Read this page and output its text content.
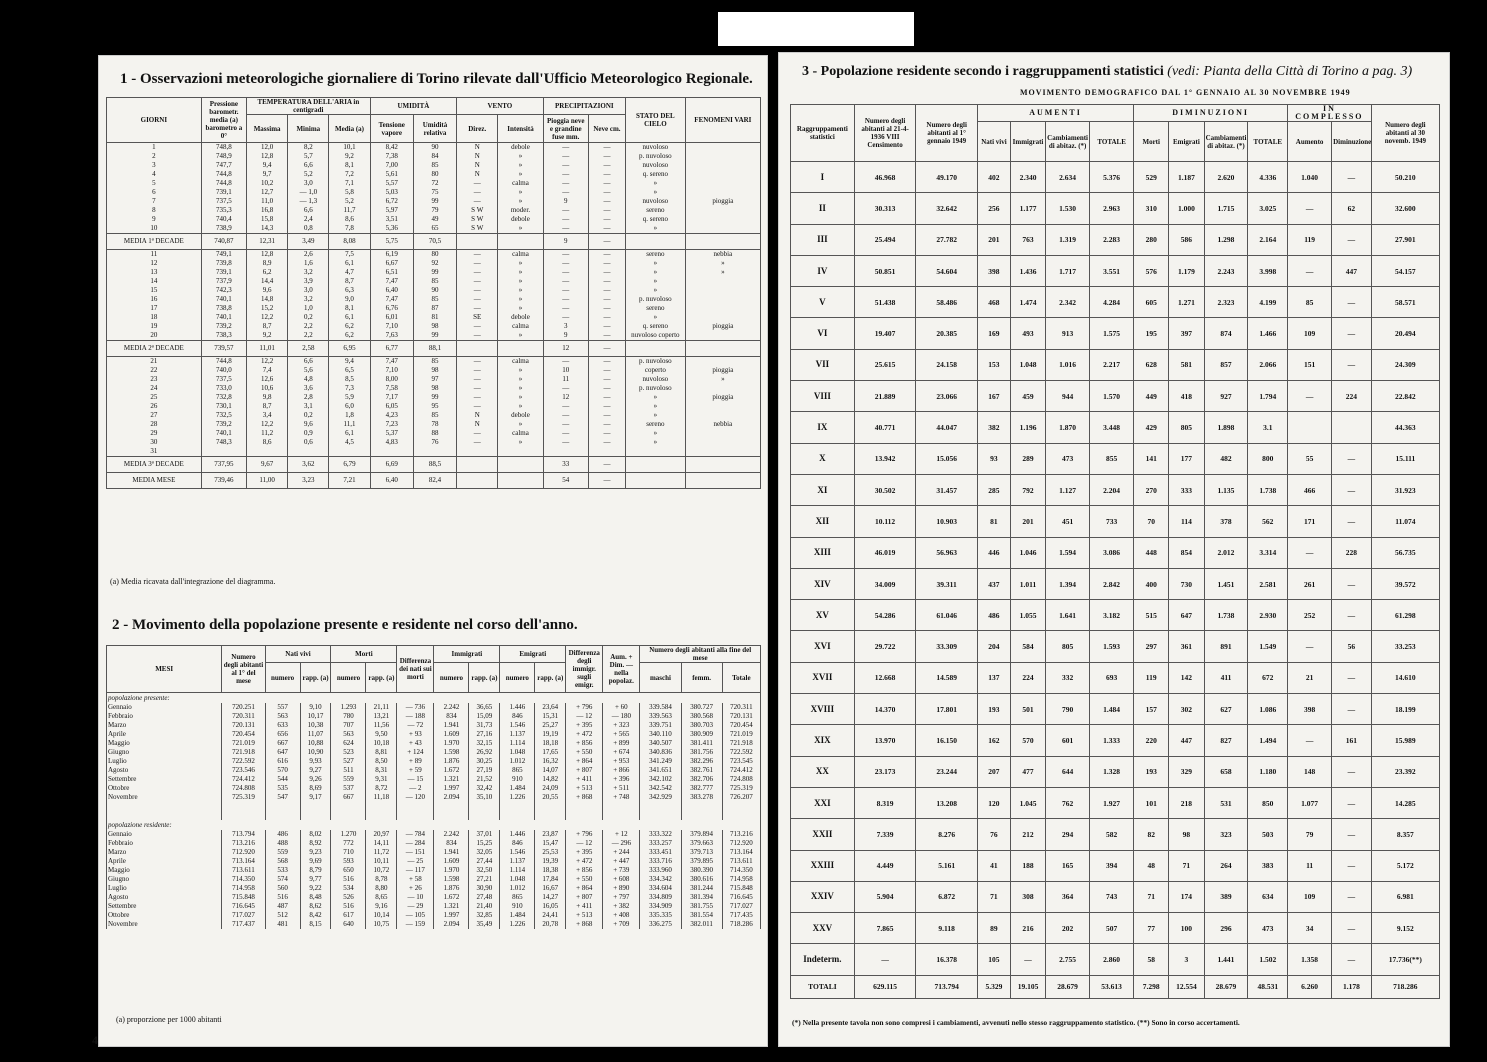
1 - Osservazioni meteorologiche giornaliere di Torino rilevate dall'Ufficio Meteorologico Regionale.
GIORNI	Pressione barometr. media (a) barometro a 0°	TEMPERATURA DELL'ARIA in centigradi			UMIDITÀ		VENTO		PRECIPITAZIONI		STATO DEL CIELO	FENOMENI VARI
		Massima	Minima	Media (a)	Tensione vapore	Umidità relativa	Direz.	Intensità	Pioggia neve e grandine fuse mm.	Neve cm.		
1	748,8	12,0	8,2	10,1	8,42	90	N	debole	—	—	nuvoloso	
2	748,9	12,8	5,7	9,2	7,38	84	N	»	—	—	p. nuvoloso	
3	747,7	9,4	6,6	8,1	7,00	85	N	»	—	—	nuvoloso	
4	744,8	9,7	5,2	7,2	5,61	80	N	»	—	—	q. sereno	
5	744,8	10,2	3,0	7,1	5,57	72	—	calma	—	—	»	
6	739,1	12,7	— 1,0	5,8	5,03	75	—	»	—	—	»	
7	737,5	11,0	— 1,3	5,2	6,72	99	—	»	9	—	nuvoloso	pioggia
8	735,3	16,8	6,6	11,7	5,97	79	S W	moder.	—	—	sereno	
9	740,4	15,8	2,4	8,6	3,51	49	S W	debole	—	—	q. sereno	
10	738,9	14,3	0,8	7,8	5,36	65	S W	»	—	—	»	
MEDIA 1ª DECADE	740,87	12,31	3,49	8,08	5,75	70,5			9	—		
11	749,1	12,8	2,6	7,5	6,19	80	—	calma	—	—	sereno	nebbia
12	739,8	8,9	1,6	6,1	6,67	92	—	»	—	—	»	»
13	739,1	6,2	3,2	4,7	6,51	99	—	»	—	—	»	»
14	737,9	14,4	3,9	8,7	7,47	85	—	»	—	—	»	
15	742,3	9,6	3,0	6,3	6,40	90	—	»	—	—	»	
16	740,1	14,8	3,2	9,0	7,47	85	—	»	—	—	p. nuvoloso	
17	738,8	15,2	1,0	8,1	6,76	87	—	»	—	—	sereno	
18	740,1	12,2	0,2	6,1	6,01	81	SE	debole	—	—	»	
19	739,2	8,7	2,2	6,2	7,10	98	—	calma	3	—	q. sereno	pioggia
20	738,3	9,2	2,2	6,2	7,63	99	—	»	9	—	nuvoloso coperto	
MEDIA 2ª DECADE	739,57	11,01	2,58	6,95	6,77	88,1			12	—		
21	744,8	12,2	6,6	9,4	7,47	85	—	calma	—	—	p. nuvoloso	
22	740,0	7,4	5,6	6,5	7,10	98	—	»	10	—	coperto	pioggia
23	737,5	12,6	4,8	8,5	8,00	97	—	»	11	—	nuvoloso	»
24	733,0	10,6	3,6	7,3	7,58	98	—	»	—	—	p. nuvoloso	
25	732,8	9,8	2,8	5,9	7,17	99	—	»	12	—	»	pioggia
26	730,1	8,7	3,1	6,0	6,05	95	—	»	—	—	»	
27	732,5	3,4	0,2	1,8	4,23	85	N	debole	—	—	»	
28	739,2	12,2	9,6	11,1	7,23	78	N	»	—	—	sereno	nebbia
29	740,1	11,2	0,9	6,1	5,37	88	—	calma	—	—	»	
30	748,3	8,6	0,6	4,5	4,83	76	—	»	—	—	»	
31												
MEDIA 3ª DECADE	737,95	9,67	3,62	6,79	6,69	88,5			33	—		
MEDIA MESE	739,46	11,00	3,23	7,21	6,40	82,4			54	—		
(a) Media ricavata dall'integrazione del diagramma.
2 - Movimento della popolazione presente e residente nel corso dell'anno.
MESI	Numero degli abitanti al 1° del mese	Nati vivi		Morti		Differenza dei nati sui morti	Immigrati		Emigrati		Differenza degli immigr. sugli emigr.	Aum. + Dim. — nella popolaz.	Numero degli abitanti alla fine del mese		
		numero	rapp. (a)	numero	rapp. (a)		numero	rapp. (a)	numero	rapp. (a)			maschi	femm.	Totale
popolazione presente:															
Gennaio	720.251	557	9,10	1.293	21,11	— 736	2.242	36,65	1.446	23,64	+ 796	+ 60	339.584	380.727	720.311
Febbraio	720.311	563	10,17	780	13,21	— 188	834	15,09	846	15,31	— 12	— 180	339.563	380.568	720.131
Marzo	720.131	633	10,38	707	11,56	— 72	1.941	31,73	1.546	25,27	+ 395	+ 323	339.751	380.703	720.454
Aprile	720.454	656	11,07	563	9,50	+ 93	1.609	27,16	1.137	19,19	+ 472	+ 565	340.110	380.909	721.019
Maggio	721.019	667	10,88	624	10,18	+ 43	1.970	32,15	1.114	18,18	+ 856	+ 899	340.507	381.411	721.918
Giugno	721.918	647	10,90	523	8,81	+ 124	1.598	26,92	1.048	17,65	+ 550	+ 674	340.836	381.756	722.592
Luglio	722.592	616	9,93	527	8,50	+ 89	1.876	30,25	1.012	16,32	+ 864	+ 953	341.249	382.296	723.545
Agosto	723.546	570	9,27	511	8,31	+ 59	1.672	27,19	865	14,07	+ 807	+ 866	341.651	382.761	724.412
Settembre	724.412	544	9,26	559	9,31	— 15	1.321	21,52	910	14,82	+ 411	+ 396	342.102	382.706	724.808
Ottobre	724.808	535	8,69	537	8,72	— 2	1.997	32,42	1.484	24,09	+ 513	+ 511	342.542	382.777	725.319
Novembre	725.319	547	9,17	667	11,18	— 120	2.094	35,10	1.226	20,55	+ 868	+ 748	342.929	383.278	726.207

popolazione residente:															
Gennaio	713.794	486	8,02	1.270	20,97	— 784	2.242	37,01	1.446	23,87	+ 796	+ 12	333.322	379.894	713.216
Febbraio	713.216	488	8,92	772	14,11	— 284	834	15,25	846	15,47	— 12	— 296	333.257	379.663	712.920
Marzo	712.920	559	9,23	710	11,72	— 151	1.941	32,05	1.546	25,53	+ 395	+ 244	333.451	379.713	713.164
Aprile	713.164	568	9,69	593	10,11	— 25	1.609	27,44	1.137	19,39	+ 472	+ 447	333.716	379.895	713.611
Maggio	713.611	533	8,79	650	10,72	— 117	1.970	32,50	1.114	18,38	+ 856	+ 739	333.960	380.390	714.350
Giugno	714.350	574	9,77	516	8,78	+ 58	1.598	27,21	1.048	17,84	+ 550	+ 608	334.342	380.616	714.958
Luglio	714.958	560	9,22	534	8,80	+ 26	1.876	30,90	1.012	16,67	+ 864	+ 890	334.604	381.244	715.848
Agosto	715.848	516	8,48	526	8,65	— 10	1.672	27,48	865	14,27	+ 807	+ 797	334.809	381.394	716.645
Settembre	716.645	487	8,62	516	9,16	— 29	1.321	21,40	910	16,05	+ 411	+ 382	334.909	381.755	717.027
Ottobre	717.027	512	8,42	617	10,14	— 105	1.997	32,85	1.484	24,41	+ 513	+ 408	335.335	381.554	717.435
Novembre	717.437	481	8,15	640	10,75	— 159	2.094	35,49	1.226	20,78	+ 868	+ 709	336.275	382.011	718.286
(a) proporzione per 1000 abitanti
4
3 - Popolazione residente secondo i raggruppamenti statistici (vedi: Pianta della Città di Torino a pag. 3)
MOVIMENTO DEMOGRAFICO DAL 1° GENNAIO AL 30 NOVEMBRE 1949
Raggruppamenti statistici	Numero degli abitanti al 21-4-1936 VIII Censimento	Numero degli abitanti al 1° gennaio 1949	AUMENTI				DIMINUZIONI				IN COMPLESSO		Numero degli abitanti al 30 novemb. 1949
			Nati vivi	Immigrati	Cambiamenti di abitaz. (*)	TOTALE	Morti	Emigrati	Cambiamenti di abitaz. (*)	TOTALE	Aumento	Diminuzione	
I	46.968	49.170	402	2.340	2.634	5.376	529	1.187	2.620	4.336	1.040	—	50.210
II	30.313	32.642	256	1.177	1.530	2.963	310	1.000	1.715	3.025	—	62	32.600
III	25.494	27.782	201	763	1.319	2.283	280	586	1.298	2.164	119	—	27.901
IV	50.851	54.604	398	1.436	1.717	3.551	576	1.179	2.243	3.998	—	447	54.157
V	51.438	58.486	468	1.474	2.342	4.284	605	1.271	2.323	4.199	85	—	58.571
VI	19.407	20.385	169	493	913	1.575	195	397	874	1.466	109	—	20.494
VII	25.615	24.158	153	1.048	1.016	2.217	628	581	857	2.066	151	—	24.309
VIII	21.889	23.066	167	459	944	1.570	449	418	927	1.794	—	224	22.842
IX	40.771	44.047	382	1.196	1.870	3.448	429	805	1.898	3.1			44.363
X	13.942	15.056	93	289	473	855	141	177	482	800	55	—	15.111
XI	30.502	31.457	285	792	1.127	2.204	270	333	1.135	1.738	466	—	31.923
XII	10.112	10.903	81	201	451	733	70	114	378	562	171	—	11.074
XIII	46.019	56.963	446	1.046	1.594	3.086	448	854	2.012	3.314	—	228	56.735
XIV	34.009	39.311	437	1.011	1.394	2.842	400	730	1.451	2.581	261	—	39.572
XV	54.286	61.046	486	1.055	1.641	3.182	515	647	1.738	2.930	252	—	61.298
XVI	29.722	33.309	204	584	805	1.593	297	361	891	1.549	—	56	33.253
XVII	12.668	14.589	137	224	332	693	119	142	411	672	21	—	14.610
XVIII	14.370	17.801	193	501	790	1.484	157	302	627	1.086	398	—	18.199
XIX	13.970	16.150	162	570	601	1.333	220	447	827	1.494	—	161	15.989
XX	23.173	23.244	207	477	644	1.328	193	329	658	1.180	148	—	23.392
XXI	8.319	13.208	120	1.045	762	1.927	101	218	531	850	1.077	—	14.285
XXII	7.339	8.276	76	212	294	582	82	98	323	503	79	—	8.357
XXIII	4.449	5.161	41	188	165	394	48	71	264	383	11	—	5.172
XXIV	5.904	6.872	71	308	364	743	71	174	389	634	109	—	6.981
XXV	7.865	9.118	89	216	202	507	77	100	296	473	34	—	9.152
Indeterm.	—	16.378	105	—	2.755	2.860	58	3	1.441	1.502	1.358	—	17.736(**)
TOTALI	629.115	713.794	5.329	19.105	28.679	53.613	7.298	12.554	28.679	48.531	6.260	1.178	718.286
(*) Nella presente tavola non sono compresi i cambiamenti, avvenuti nello stesso raggruppamento statistico. (**) Sono in corso accertamenti.
